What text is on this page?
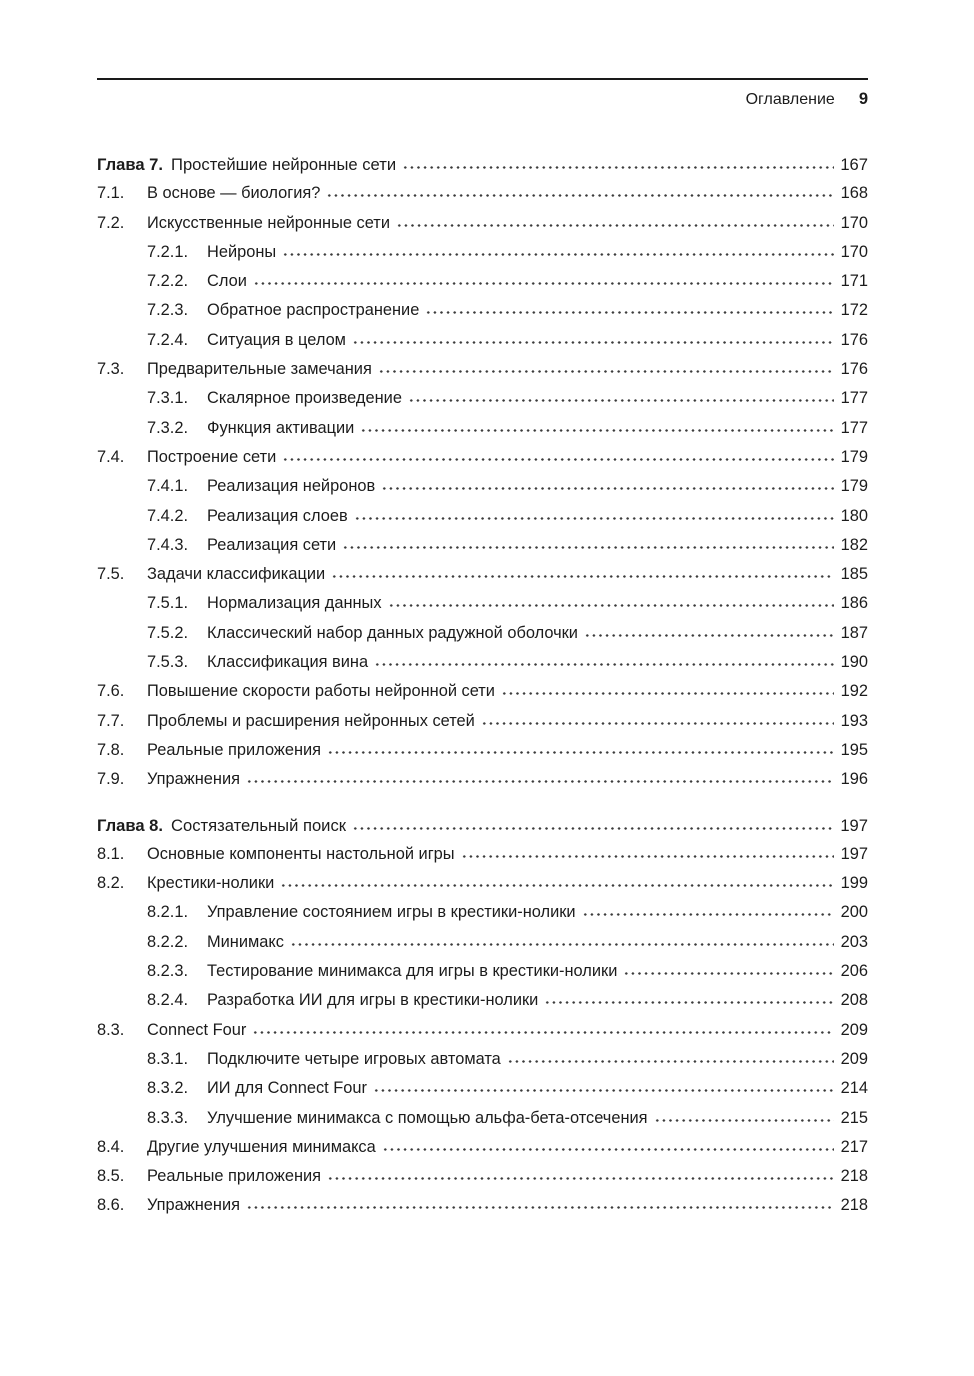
Оглавление 9
Глава 7. Простейшие нейронные сети	167
7.1.	В основе — биология?	168
7.2.	Искусственные нейронные сети	170
7.2.1.	Нейроны	170
7.2.2.	Слои	171
7.2.3.	Обратное распространение	172
7.2.4.	Ситуация в целом	176
7.3.	Предварительные замечания	176
7.3.1.	Скалярное произведение	177
7.3.2.	Функция активации	177
7.4.	Построение сети	179
7.4.1.	Реализация нейронов	179
7.4.2.	Реализация слоев	180
7.4.3.	Реализация сети	182
7.5.	Задачи классификации	185
7.5.1.	Нормализация данных	186
7.5.2.	Классический набор данных радужной оболочки	187
7.5.3.	Классификация вина	190
7.6.	Повышение скорости работы нейронной сети	192
7.7.	Проблемы и расширения нейронных сетей	193
7.8.	Реальные приложения	195
7.9.	Упражнения	196
Глава 8. Состязательный поиск	197
8.1.	Основные компоненты настольной игры	197
8.2.	Крестики-нолики	199
8.2.1.	Управление состоянием игры в крестики-нолики	200
8.2.2.	Минимакс	203
8.2.3.	Тестирование минимакса для игры в крестики-нолики	206
8.2.4.	Разработка ИИ для игры в крестики-нолики	208
8.3.	Connect Four	209
8.3.1.	Подключите четыре игровых автомата	209
8.3.2.	ИИ для Connect Four	214
8.3.3.	Улучшение минимакса с помощью альфа-бета-отсечения	215
8.4.	Другие улучшения минимакса	217
8.5.	Реальные приложения	218
8.6.	Упражнения	218
